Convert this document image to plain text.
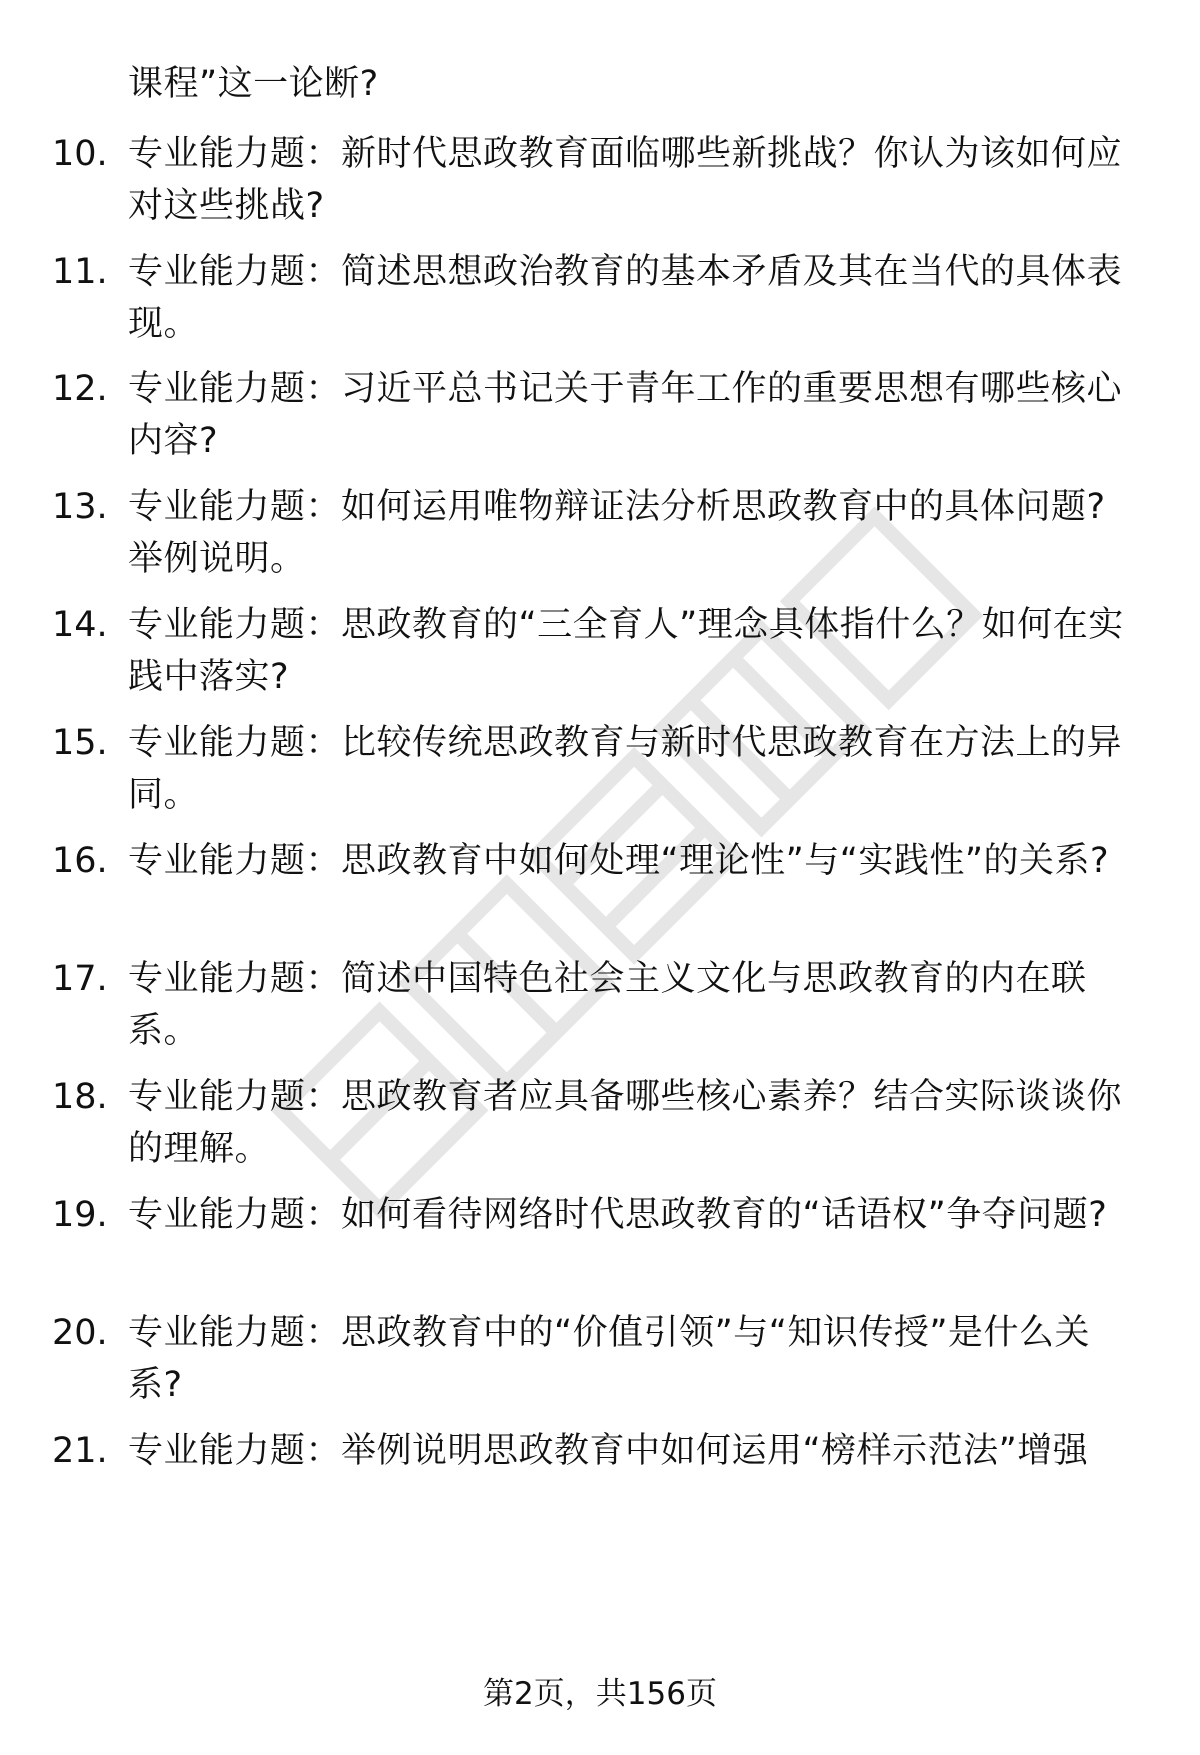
课程”这一论断?
10. 专业能力题：新时代思政教育面临哪些新挑战？你认为该如何应对这些挑战?
11. 专业能力题：简述思想政治教育的基本矛盾及其在当代的具体表现。
12. 专业能力题：习近平总书记关于青年工作的重要思想有哪些核心内容?
13. 专业能力题：如何运用唯物辩证法分析思政教育中的具体问题?举例说明。
14. 专业能力题：思政教育的“三全育人”理念具体指什么？如何在实践中落实?
15. 专业能力题：比较传统思政教育与新时代思政教育在方法上的异同。
16. 专业能力题：思政教育中如何处理“理论性”与“实践性”的关系?
17. 专业能力题：简述中国特色社会主义文化与思政教育的内在联系。
18. 专业能力题：思政教育者应具备哪些核心素养？结合实际谈谈你的理解。
19. 专业能力题：如何看待网络时代思政教育的“话语权”争夺问题?
20. 专业能力题：思政教育中的“价值引领”与“知识传授”是什么关系?
21. 专业能力题：举例说明思政教育中如何运用“榜样示范法”增强
第2页，共156页
